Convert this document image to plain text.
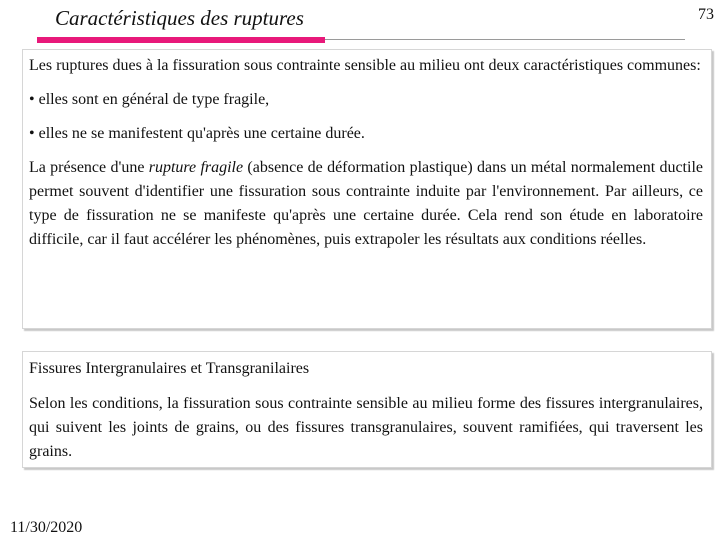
Caractéristiques des ruptures	73

Les ruptures dues à la fissuration sous contrainte sensible au milieu ont deux caractéristiques communes:

• elles sont en général de type fragile,

• elles ne se manifestent qu'après une certaine durée.

La présence d'une rupture fragile (absence de déformation plastique) dans un métal normalement ductile permet souvent d'identifier une fissuration sous contrainte induite par l'environnement. Par ailleurs, ce type de fissuration ne se manifeste qu'après une certaine durée. Cela rend son étude en laboratoire difficile, car il faut accélérer les phénomènes, puis extrapoler les résultats aux conditions réelles.

Fissures Intergranulaires et Transgranilaires

Selon les conditions, la fissuration sous contrainte sensible au milieu forme des fissures intergranulaires, qui suivent les joints de grains, ou des fissures transgranulaires, souvent ramifiées, qui traversent les grains.

11/30/2020
